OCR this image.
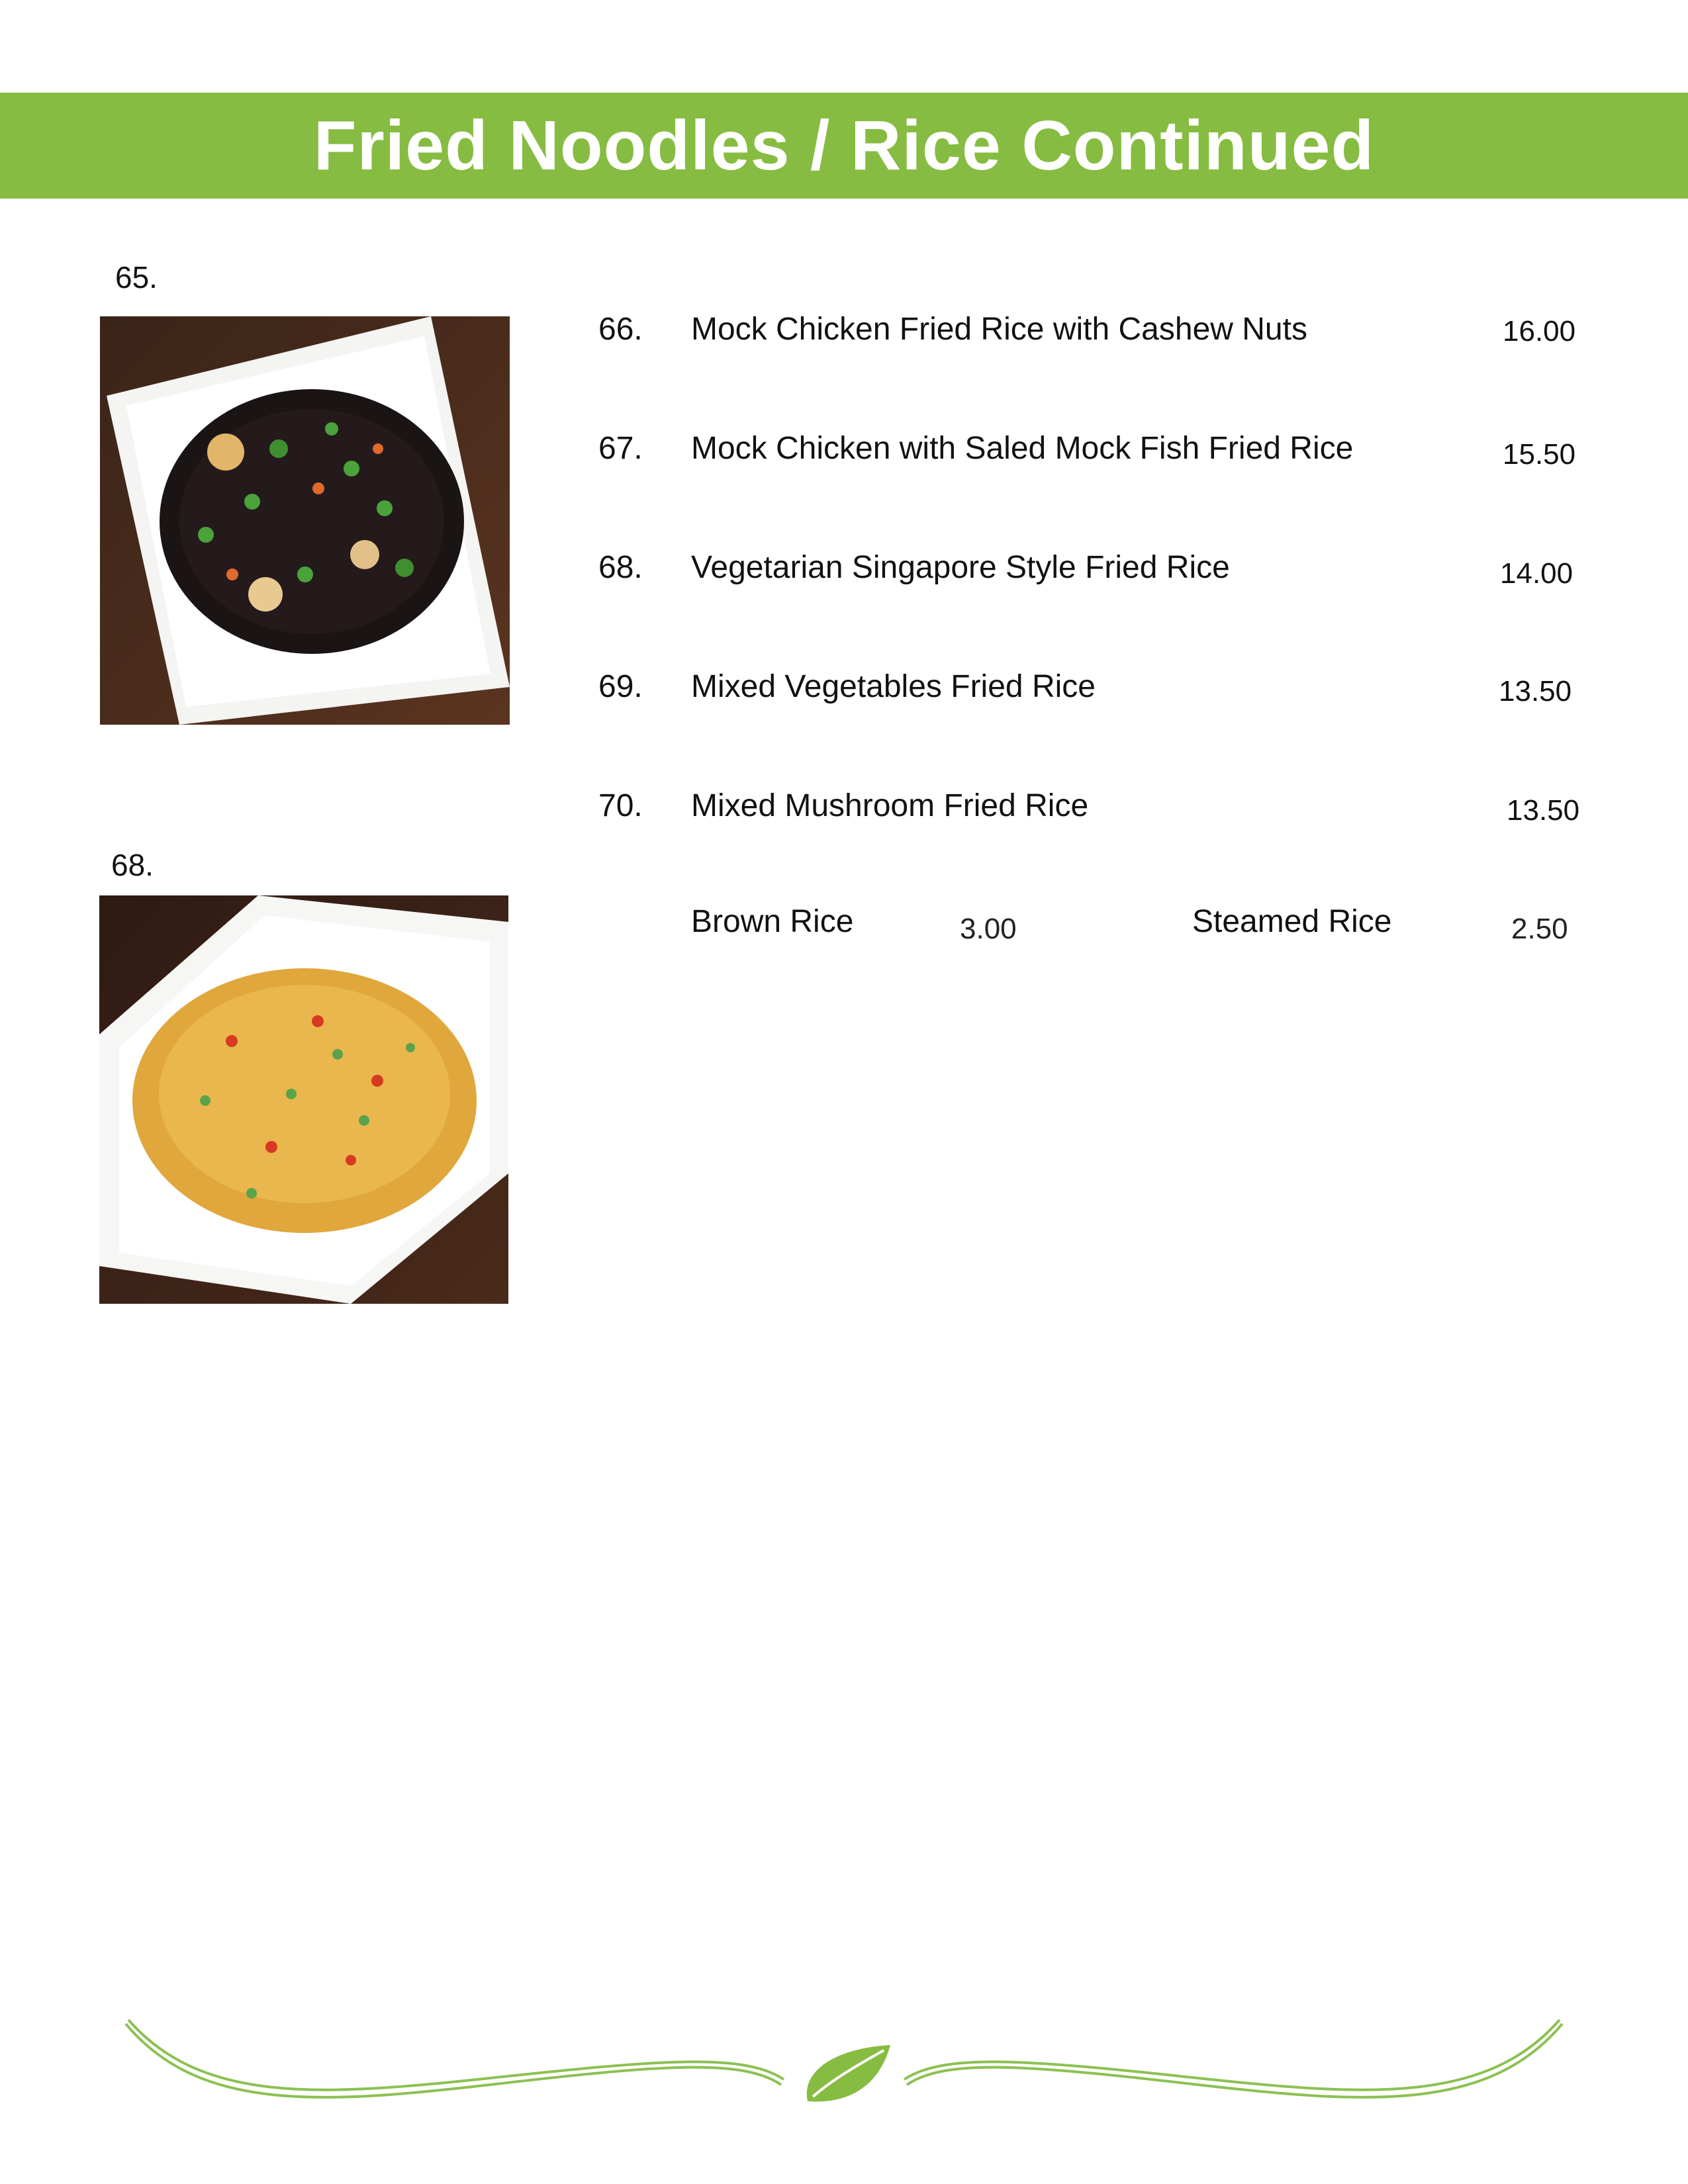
Fried Noodles / Rice Continued
65.
68.
66. Mock Chicken Fried Rice with Cashew Nuts	16.00
67. Mock Chicken with Saled Mock Fish Fried Rice	15.50
68. Vegetarian Singapore Style Fried Rice	14.00
69. Mixed Vegetables Fried Rice	13.50
70. Mixed Mushroom Fried Rice	13.50
Brown Rice	3.00	Steamed Rice	2.50
